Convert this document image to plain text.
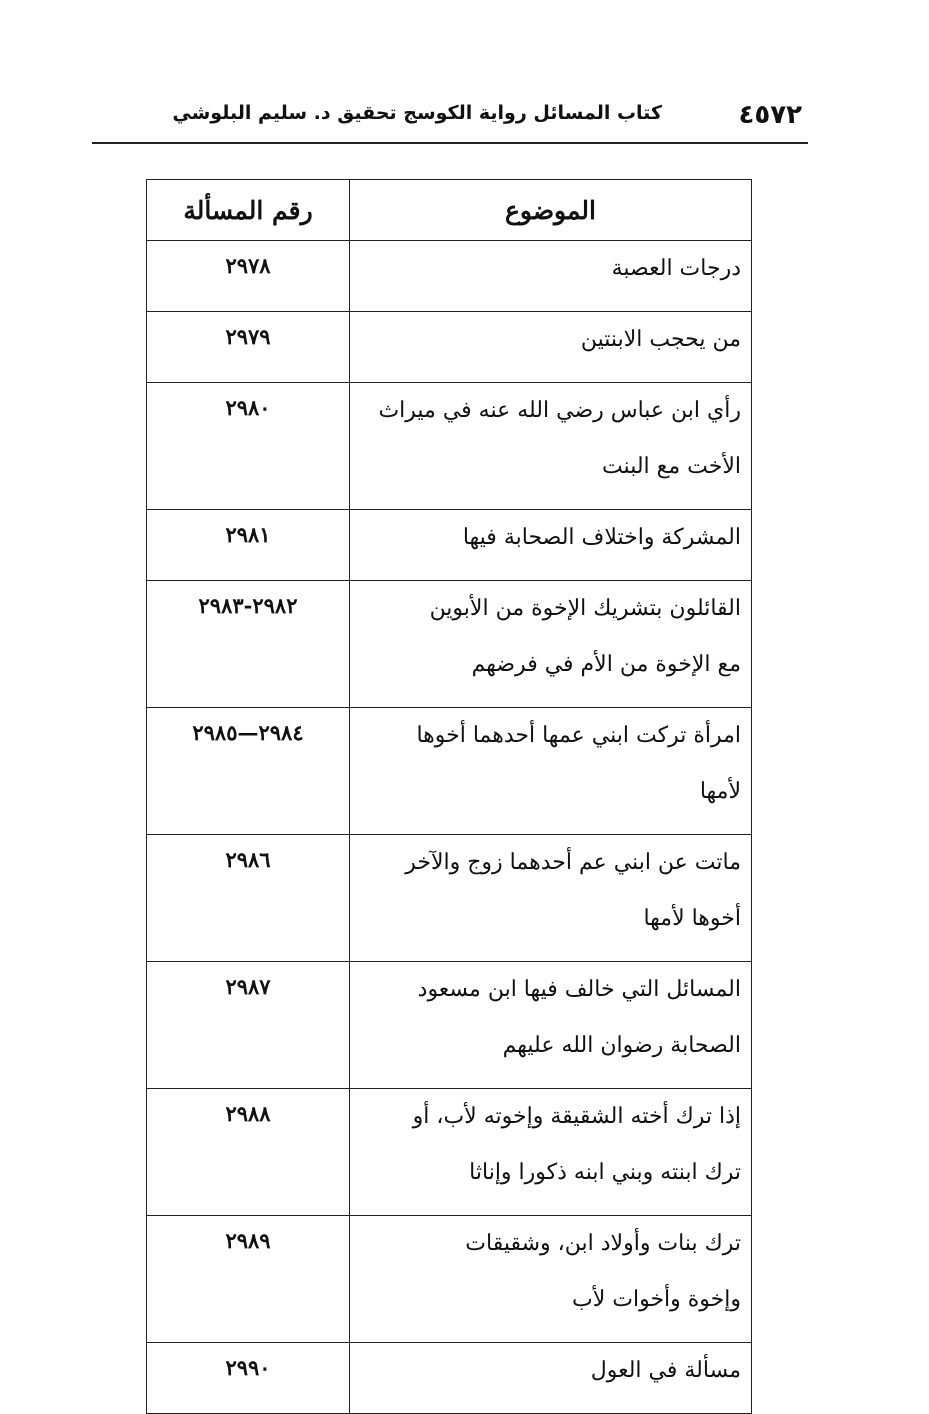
٤٥٧٢
كتاب المسائل رواية الكوسج تحقيق د. سليم البلوشي
الموضوع	رقم المسألة

درجات العصبة	٢٩٧٨

من يحجب الابنتين	٢٩٧٩

رأي ابن عباس رضي الله عنه في ميراث
الأخت مع البنت	٢٩٨٠

المشركة واختلاف الصحابة فيها	٢٩٨١

القائلون بتشريك الإخوة من الأبوين
مع الإخوة من الأم في فرضهم	٢٩٨٢-٢٩٨٣

امرأة تركت ابني عمها أحدهما أخوها
لأمها	٢٩٨٤—٢٩٨٥

ماتت عن ابني عم أحدهما زوج والآخر
أخوها لأمها	٢٩٨٦

المسائل التي خالف فيها ابن مسعود
الصحابة رضوان الله عليهم	٢٩٨٧

إذا ترك أخته الشقيقة وإخوته لأب، أو
ترك ابنته وبني ابنه ذكورا وإناثا	٢٩٨٨

ترك بنات وأولاد ابن، وشقيقات
وإخوة وأخوات لأب	٢٩٨٩

مسألة في العول	٢٩٩٠
